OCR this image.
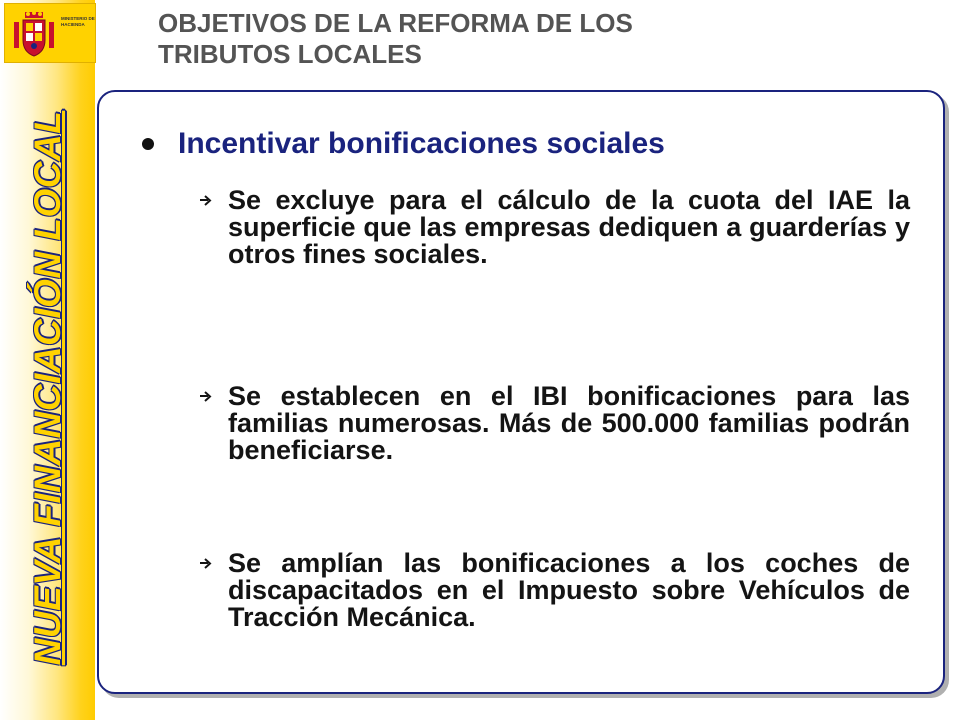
MINISTERIO DE HACIENDA
NUEVA FINANCIACIÓN LOCAL
OBJETIVOS DE LA REFORMA DE LOS
TRIBUTOS LOCALES
Incentivar bonificaciones sociales
Se excluye para el cálculo de la cuota del IAE la superficie que las empresas dediquen a guarderías y otros fines sociales.
Se establecen en el IBI bonificaciones para las familias numerosas. Más de 500.000 familias podrán beneficiarse.
Se amplían las bonificaciones a los coches de discapacitados en el Impuesto sobre Vehículos de Tracción Mecánica.
